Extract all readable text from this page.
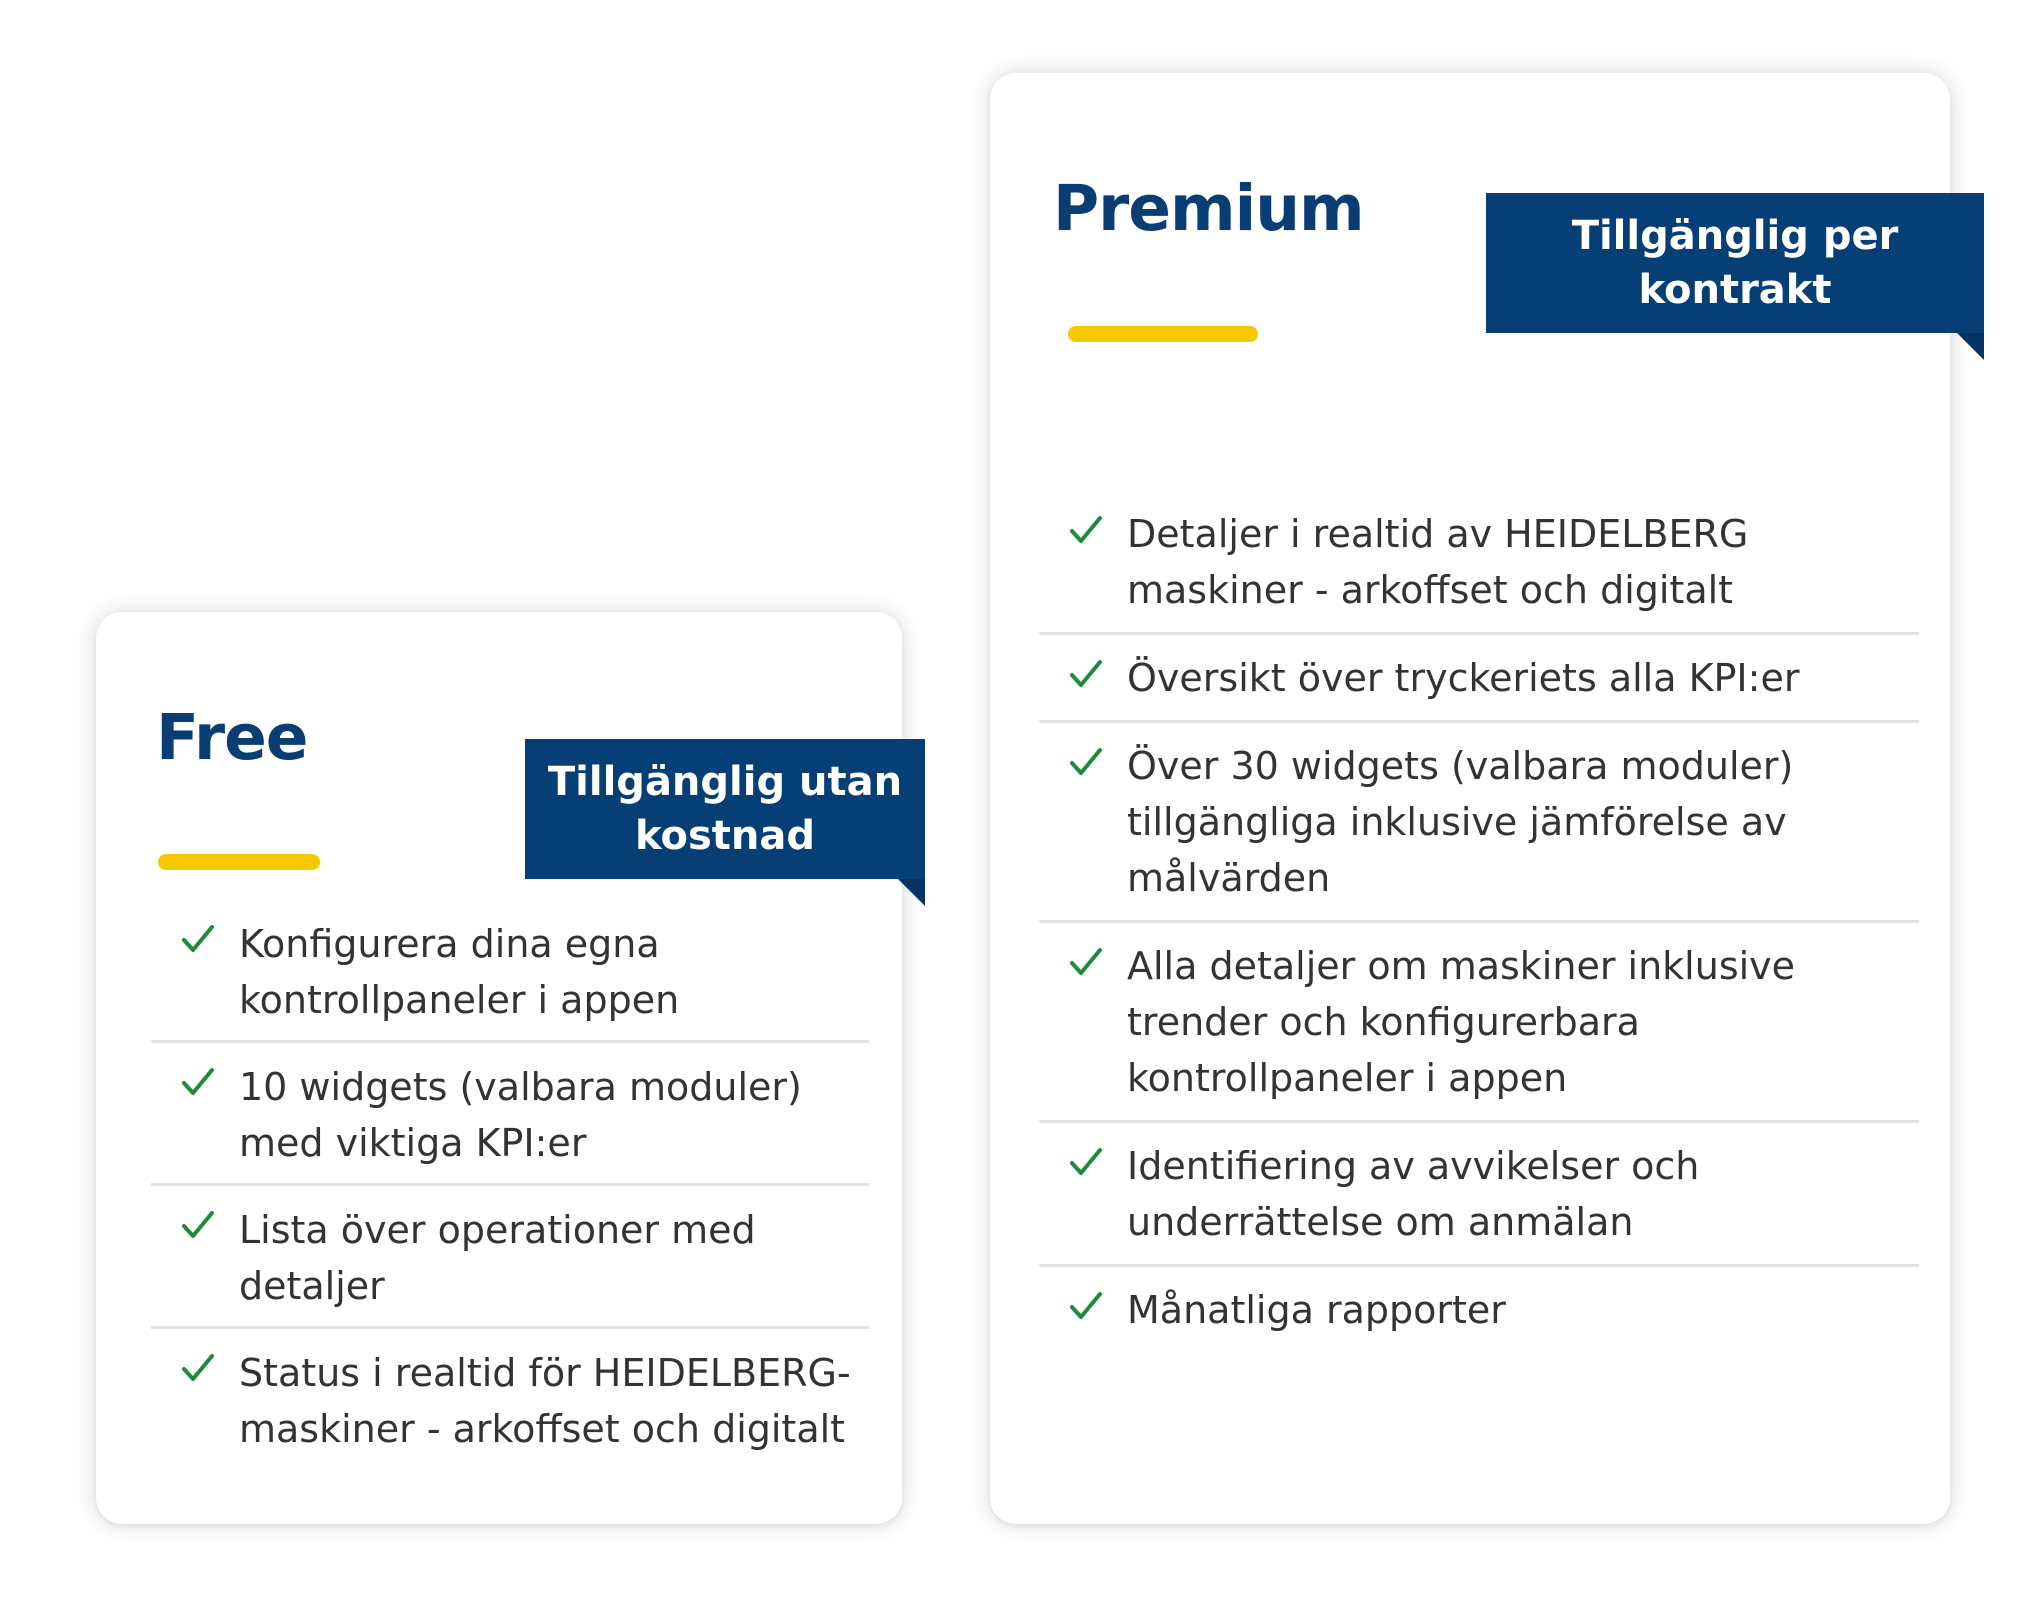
Free
Tillgänglig utan kostnad
Konfigurera dina egna kontrollpaneler i appen
10 widgets (valbara moduler) med viktiga KPI:er
Lista över operationer med detaljer
Status i realtid för HEIDELBERG-maskiner - arkoffset och digitalt
Premium	Tillgänglig per kontrakt
Detaljer i realtid av HEIDELBERG maskiner - arkoffset och digitalt
Översikt över tryckeriets alla KPI:er
Över 30 widgets (valbara moduler) tillgängliga inklusive jämförelse av målvärden
Alla detaljer om maskiner inklusive trender och konfigurerbara kontrollpaneler i appen
Identifiering av avvikelser och underrättelse om anmälan
Månatliga rapporter
